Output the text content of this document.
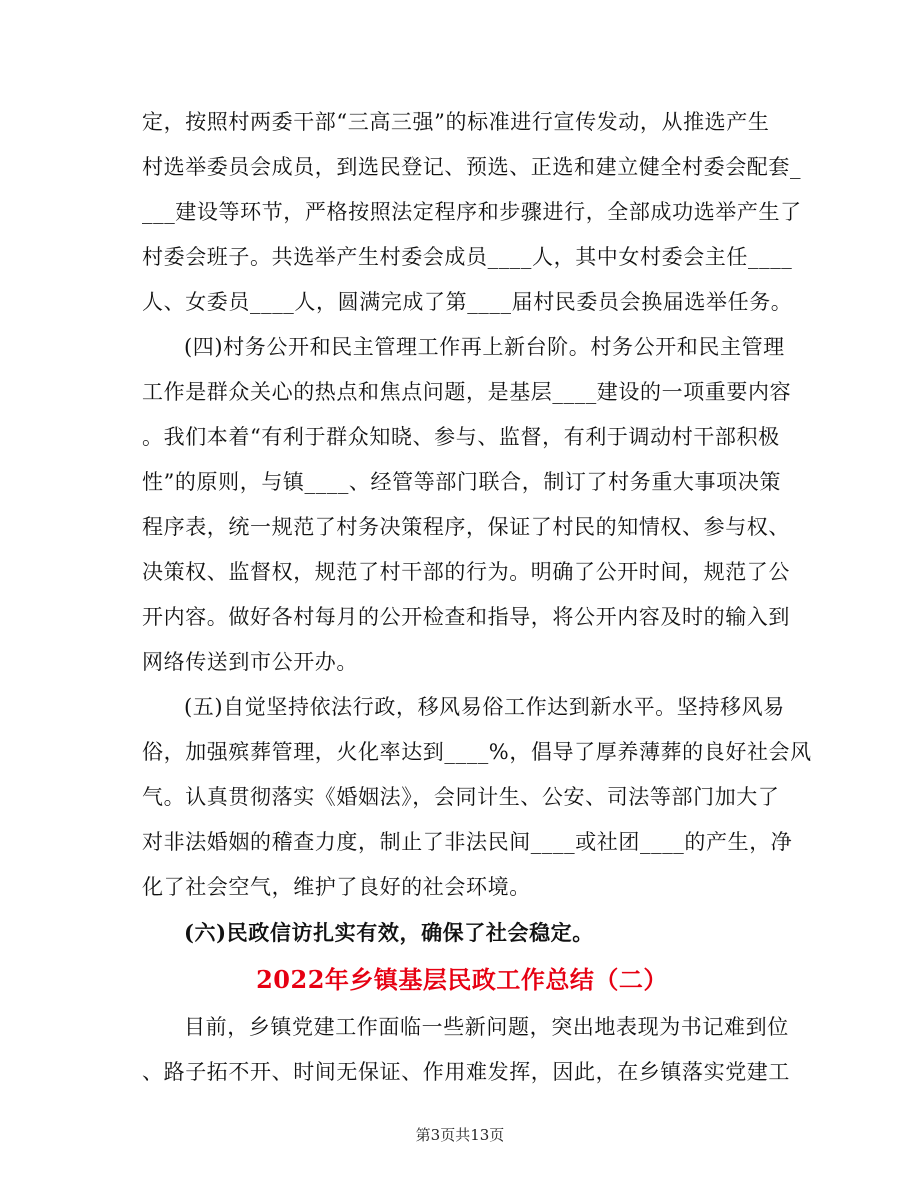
定，按照村两委干部“三高三强”的标准进行宣传发动，从推选产生
村选举委员会成员，到选民登记、预选、正选和建立健全村委会配套_
___建设等环节，严格按照法定程序和步骤进行，全部成功选举产生了
村委会班子。共选举产生村委会成员____人，其中女村委会主任____
人、女委员____人，圆满完成了第____届村民委员会换届选举任务。
(四)村务公开和民主管理工作再上新台阶。村务公开和民主管理
工作是群众关心的热点和焦点问题，是基层____建设的一项重要内容
。我们本着“有利于群众知晓、参与、监督，有利于调动村干部积极
性”的原则，与镇____、经管等部门联合，制订了村务重大事项决策
程序表，统一规范了村务决策程序，保证了村民的知情权、参与权、
决策权、监督权，规范了村干部的行为。明确了公开时间，规范了公
开内容。做好各村每月的公开检查和指导，将公开内容及时的输入到
网络传送到市公开办。
(五)自觉坚持依法行政，移风易俗工作达到新水平。坚持移风易
俗，加强殡葬管理，火化率达到____%，倡导了厚养薄葬的良好社会风
气。认真贯彻落实《婚姻法》，会同计生、公安、司法等部门加大了
对非法婚姻的稽查力度，制止了非法民间____或社团____的产生，净
化了社会空气，维护了良好的社会环境。
(六)民政信访扎实有效，确保了社会稳定。
2022年乡镇基层民政工作总结（二）
目前，乡镇党建工作面临一些新问题，突出地表现为书记难到位
、路子拓不开、时间无保证、作用难发挥，因此，在乡镇落实党建工
第3页共13页
